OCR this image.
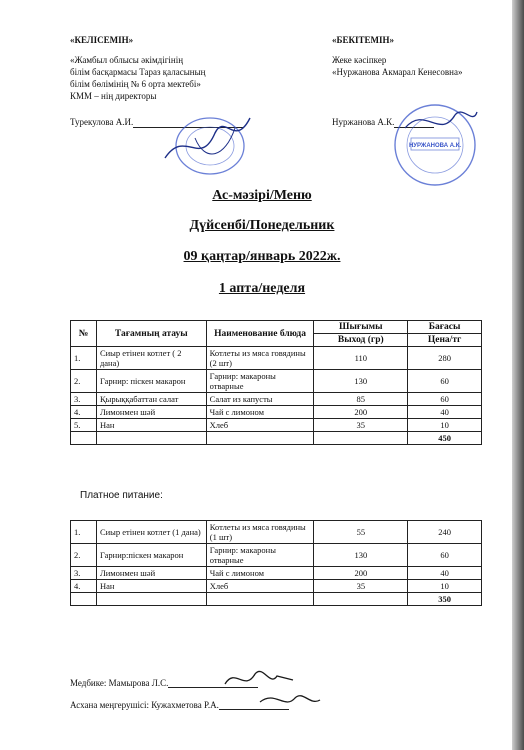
«КЕЛІСЕМІН»
«Жамбыл облысы әкімдігінің
білім басқармасы Тараз қаласының
білім бөлімінің № 6 орта мектебі»
КММ – нің директоры
Турекулова А.И.
«БЕКІТЕМІН»
Жеке кәсіпкер
«Нуржанова Акмарал Кенесовна»
Нуржанова А.К.
НУРЖАНОВА А.К.
Ас-мәзірі/Меню
Дүйсенбі/Понедельник
09 қаңтар/январь 2022ж.
1 апта/неделя
№	Тағамның атауы	Наименование блюда	Шығымы	Бағасы
			Выход (гр)	Цена/тг
1.	Сиыр етінен котлет ( 2 дана)	Котлеты из мяса говядины (2 шт)	110	280
2.	Гарнир: піскен макарон	Гарнир: макароны отварные	130	60
3.	Қырыққабаттан салат	Салат из капусты	85	60
4.	Лимонмен шәй	Чай с лимоном	200	40
5.	Нан	Хлеб	35	10
				450
Платное питание:
1.	Сиыр етінен котлет (1 дана)	Котлеты из мяса говядины (1 шт)	55	240
2.	Гарнир:піскен макарон	Гарнир: макароны отварные	130	60
3.	Лимонмен шәй	Чай с лимоном	200	40
4.	Нан	Хлеб	35	10
				350
Медбике: Мамырова Л.С.
Асхана меңгерушісі: Кужахметова Р.А.
